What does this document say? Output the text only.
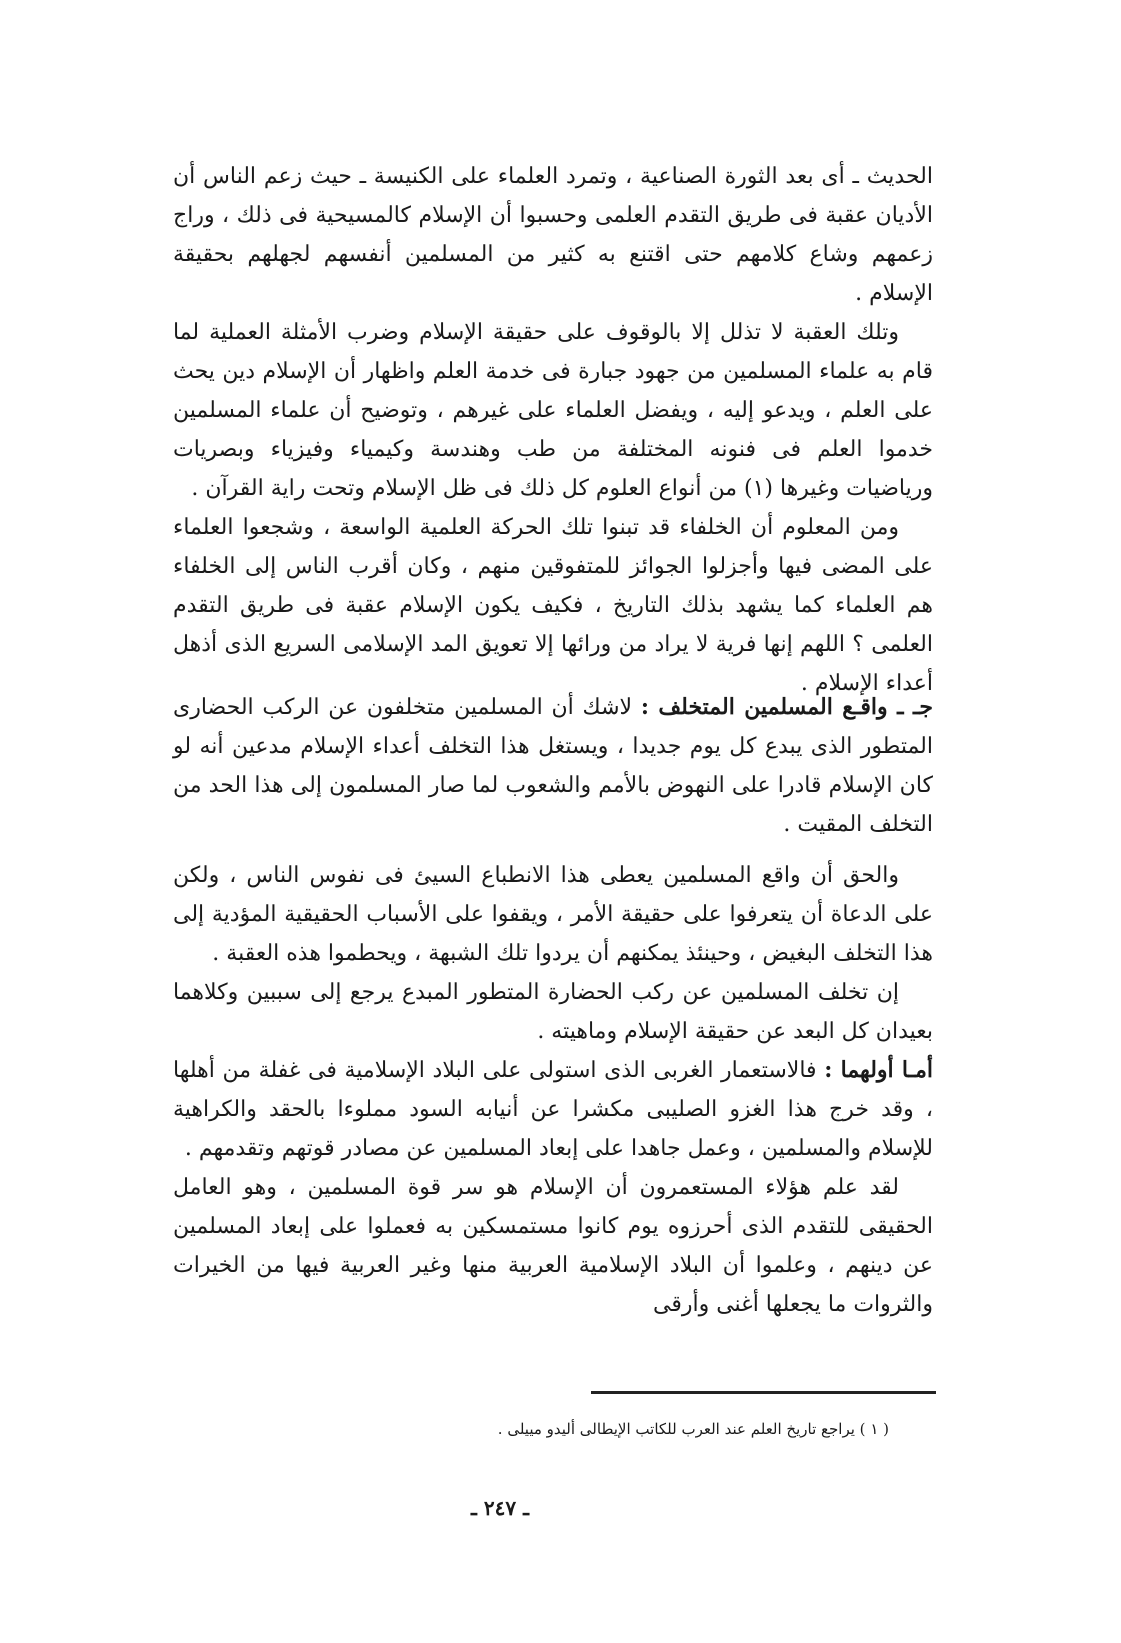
الحديث ـ أى بعد الثورة الصناعية ، وتمرد العلماء على الكنيسة ـ حيث زعم الناس أن الأديان عقبة فى طريق التقدم العلمى وحسبوا أن الإسلام كالمسيحية فى ذلك ، وراج زعمهم وشاع كلامهم حتى اقتنع به كثير من المسلمين أنفسهم لجهلهم بحقيقة الإسلام .

وتلك العقبة لا تذلل إلا بالوقوف على حقيقة الإسلام وضرب الأمثلة العملية لما قام به علماء المسلمين من جهود جبارة فى خدمة العلم واظهار أن الإسلام دين يحث على العلم ، ويدعو إليه ، ويفضل العلماء على غيرهم ، وتوضيح أن علماء المسلمين خدموا العلم فى فنونه المختلفة من طب وهندسة وكيمياء وفيزياء وبصريات ورياضيات وغيرها (١) من أنواع العلوم كل ذلك فى ظل الإسلام وتحت راية القرآن .

ومن المعلوم أن الخلفاء قد تبنوا تلك الحركة العلمية الواسعة ، وشجعوا العلماء على المضى فيها وأجزلوا الجوائز للمتفوقين منهم ، وكان أقرب الناس إلى الخلفاء هم العلماء كما يشهد بذلك التاريخ ، فكيف يكون الإسلام عقبة فى طريق التقدم العلمى ؟ اللهم إنها فرية لا يراد من ورائها إلا تعويق المد الإسلامى السريع الذى أذهل أعداء الإسلام .

جـ ـ واقـع المسلمين المتخلف : لاشك أن المسلمين متخلفون عن الركب الحضارى المتطور الذى يبدع كل يوم جديدا ، ويستغل هذا التخلف أعداء الإسلام مدعين أنه لو كان الإسلام قادرا على النهوض بالأمم والشعوب لما صار المسلمون إلى هذا الحد من التخلف المقيت .

والحق أن واقع المسلمين يعطى هذا الانطباع السيئ فى نفوس الناس ، ولكن على الدعاة أن يتعرفوا على حقيقة الأمر ، ويقفوا على الأسباب الحقيقية المؤدية إلى هذا التخلف البغيض ، وحينئذ يمكنهم أن يردوا تلك الشبهة ، ويحطموا هذه العقبة .

إن تخلف المسلمين عن ركب الحضارة المتطور المبدع يرجع إلى سببين وكلاهما بعيدان كل البعد عن حقيقة الإسلام وماهيته .

أمـا أولهما : فالاستعمار الغربى الذى استولى على البلاد الإسلامية فى غفلة من أهلها ، وقد خرج هذا الغزو الصليبى مكشرا عن أنيابه السود مملوءا بالحقد والكراهية للإسلام والمسلمين ، وعمل جاهدا على إبعاد المسلمين عن مصادر قوتهم وتقدمهم .

لقد علم هؤلاء المستعمرون أن الإسلام هو سر قوة المسلمين ، وهو العامل الحقيقى للتقدم الذى أحرزوه يوم كانوا مستمسكين به فعملوا على إبعاد المسلمين عن دينهم ، وعلموا أن البلاد الإسلامية العربية منها وغير العربية فيها من الخيرات والثروات ما يجعلها أغنى وأرقى

( ١ ) يراجع تاريخ العلم عند العرب للكاتب الإيطالى أليدو مييلى .
ـ ٢٤٧ ـ
